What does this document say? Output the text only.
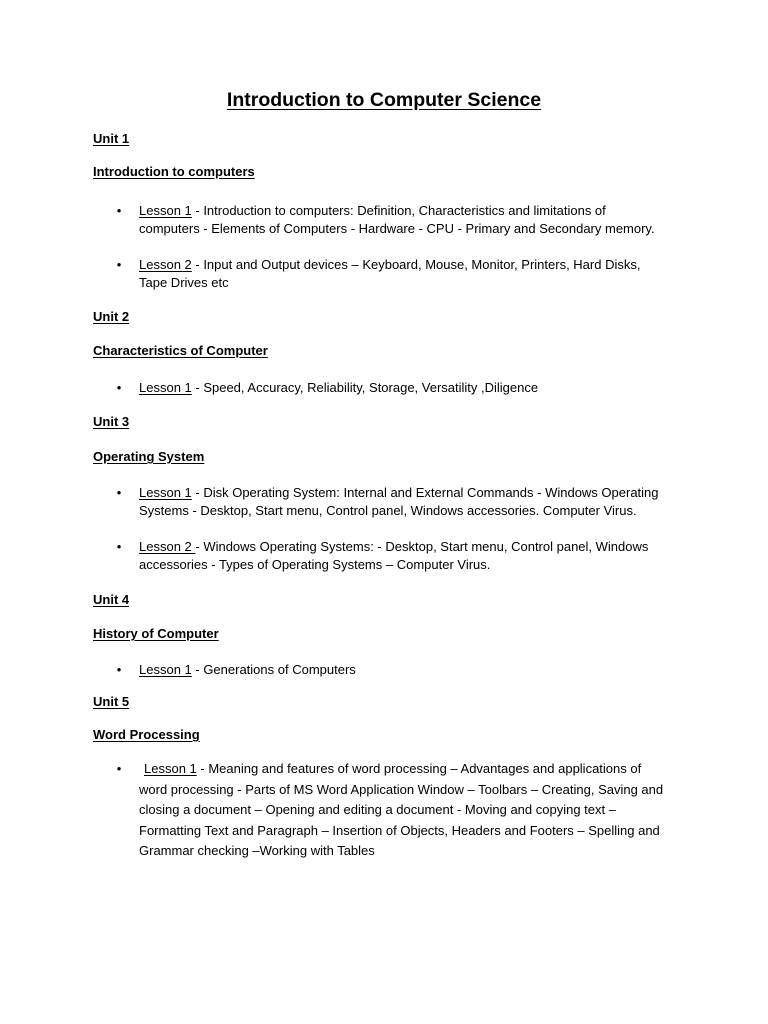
Introduction to Computer Science
Unit 1
Introduction to computers
• Lesson 1 - Introduction to computers: Definition, Characteristics and limitations of computers - Elements of Computers - Hardware - CPU - Primary and Secondary memory.
• Lesson 2 - Input and Output devices – Keyboard, Mouse, Monitor, Printers, Hard Disks, Tape Drives etc
Unit 2
Characteristics of Computer
• Lesson 1 - Speed, Accuracy, Reliability, Storage, Versatility ,Diligence
Unit 3
Operating System
• Lesson 1 - Disk Operating System: Internal and External Commands - Windows Operating Systems - Desktop, Start menu, Control panel, Windows accessories. Computer Virus.
• Lesson 2 - Windows Operating Systems: - Desktop, Start menu, Control panel, Windows accessories - Types of Operating Systems – Computer Virus.
Unit 4
History of Computer
• Lesson 1 - Generations of Computers
Unit 5
Word Processing
• Lesson 1 - Meaning and features of word processing – Advantages and applications of word processing - Parts of MS Word Application Window – Toolbars – Creating, Saving and closing a document – Opening and editing a document - Moving and copying text – Formatting Text and Paragraph – Insertion of Objects, Headers and Footers – Spelling and Grammar checking –Working with Tables
